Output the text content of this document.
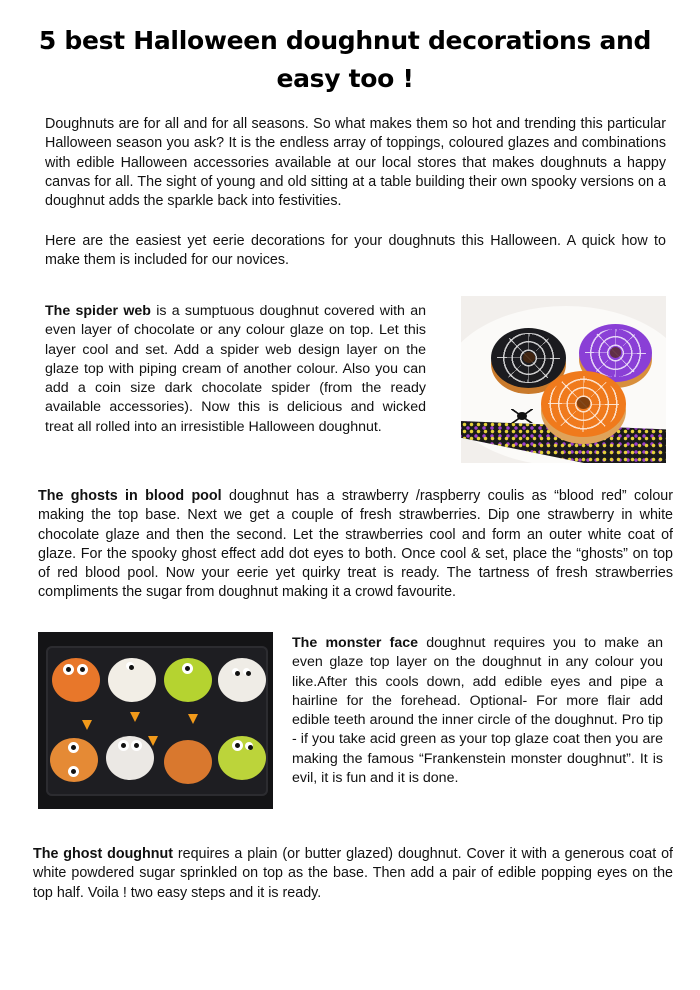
5 best Halloween doughnut decorations and easy too !

Doughnuts are for all and for all seasons. So what makes them so hot and trending this particular Halloween season you ask? It is the endless array of toppings, coloured glazes and combinations with edible Halloween accessories available at our local stores that makes doughnuts a happy canvas for all. The sight of young and old sitting at a table building their own spooky versions on a doughnut adds the sparkle back into festivities.

Here are the easiest yet eerie decorations for your doughnuts this Halloween. A quick how to make them is included for our novices.

The spider web is a sumptuous doughnut covered with an even layer of chocolate or any colour glaze on top. Let this layer cool and set. Add a spider web design layer on the glaze top with piping cream of another colour. Also you can add a coin size dark chocolate spider (from the ready available accessories). Now this is delicious and wicked treat all rolled into an irresistible Halloween doughnut.

The ghosts in blood pool doughnut has a strawberry /raspberry coulis as “blood red” colour making the top base. Next we get a couple of fresh strawberries. Dip one strawberry in white chocolate glaze and then the second. Let the strawberries cool and form an outer white coat of glaze. For the spooky ghost effect add dot eyes to both. Once cool & set, place the “ghosts” on top of red blood pool. Now your eerie yet quirky treat is ready. The tartness of fresh strawberries compliments the sugar from doughnut making it a crowd favourite.

The monster face doughnut requires you to make an even glaze top layer on the doughnut in any colour you like.After this cools down, add edible eyes and pipe a hairline for the forehead. Optional- For more flair add edible teeth around the inner circle of the doughnut. Pro tip - if you take acid green as your top glaze coat then you are making the famous “Frankenstein monster doughnut”. It is evil, it is fun and it is done.

The ghost doughnut requires a plain (or butter glazed) doughnut. Cover it with a generous coat of white powdered sugar sprinkled on top as the base. Then add a pair of edible popping eyes on the top half. Voila ! two easy steps and it is ready.
